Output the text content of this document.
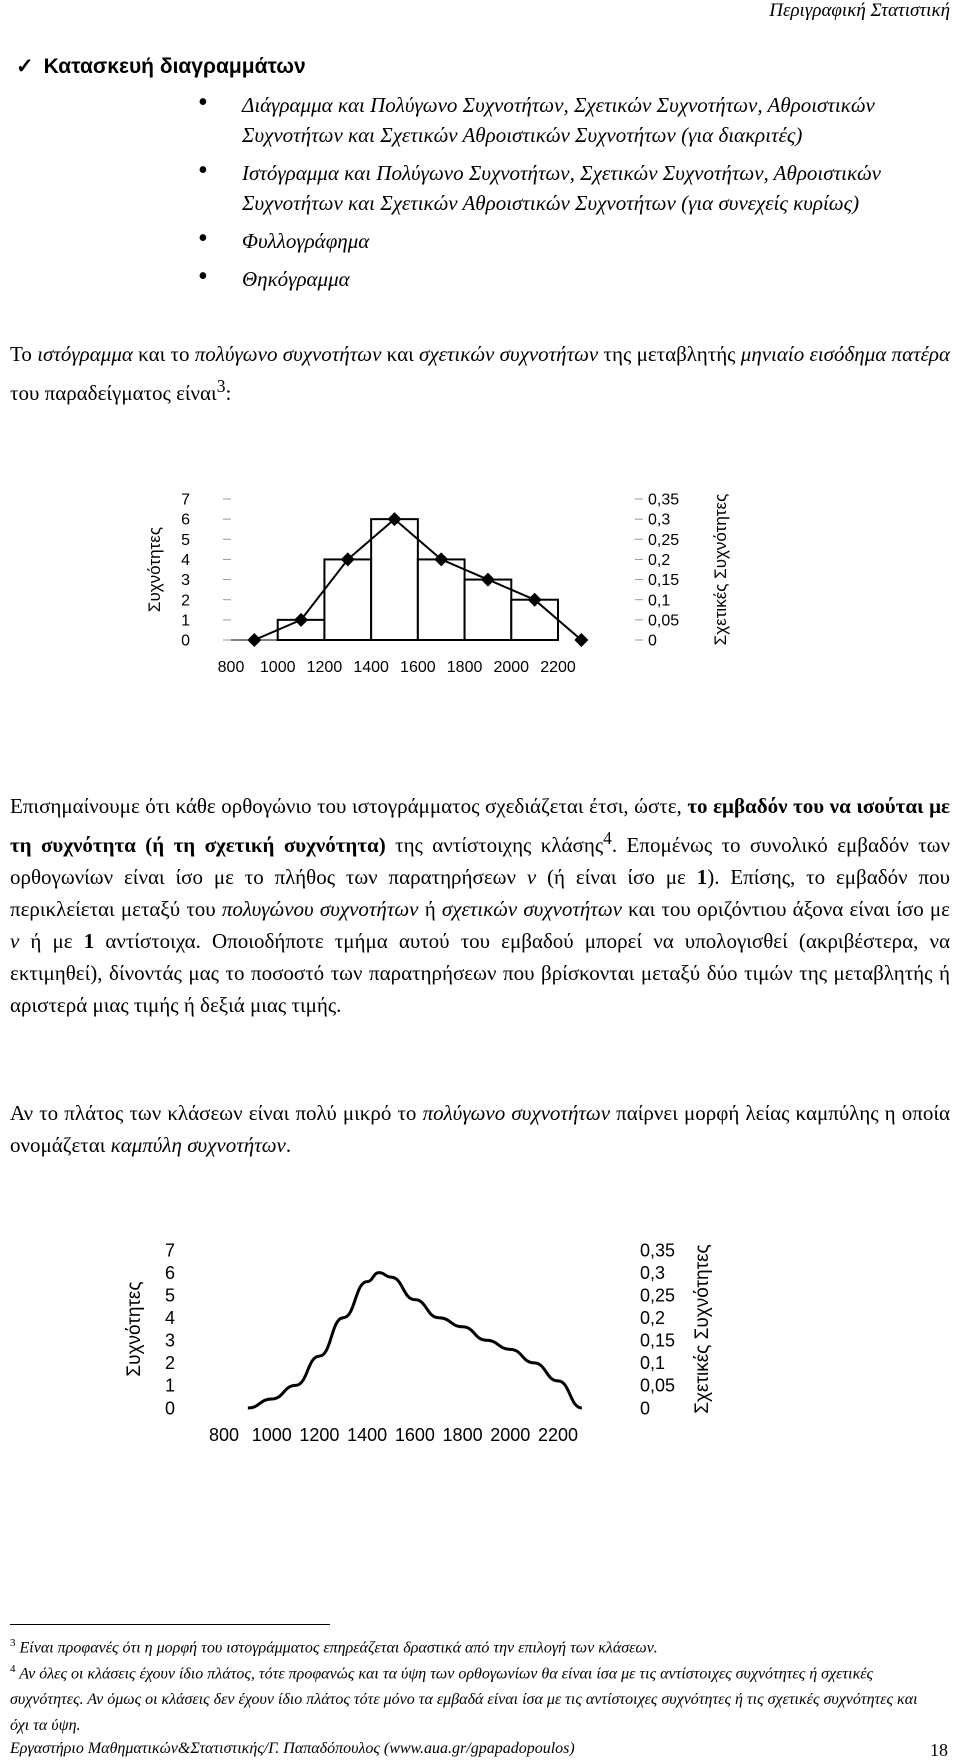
Περιγραφική Στατιστική
✓ Κατασκευή διαγραμμάτων
• Διάγραμμα και Πολύγωνο Συχνοτήτων, Σχετικών Συχνοτήτων, Αθροιστικών Συχνοτήτων και Σχετικών Αθροιστικών Συχνοτήτων (για διακριτές)
• Ιστόγραμμα και Πολύγωνο Συχνοτήτων, Σχετικών Συχνοτήτων, Αθροιστικών Συχνοτήτων και Σχετικών Αθροιστικών Συχνοτήτων (για συνεχείς κυρίως)
• Φυλλογράφημα
• Θηκόγραμμα
Το ιστόγραμμα και το πολύγωνο συχνοτήτων και σχετικών συχνοτήτων της μεταβλητής μηνιαίο εισόδημα πατέρα του παραδείγματος είναι$^3$:
0
1
2
3
4
5
6
7
0
0,05
0,1
0,15
0,2
0,25
0,3
0,35
800 1000 1200 1400 1600 1800 2000 2200
Συχνότητες	Σχετικές Συχνότητες
Επισημαίνουμε ότι κάθε ορθογώνιο του ιστογράμματος σχεδιάζεται έτσι, ώστε, το εμβαδόν του να ισούται με τη συχνότητα (ή τη σχετική συχνότητα) της αντίστοιχης κλάσης$^4$. Επομένως το συνολικό εμβαδόν των ορθογωνίων είναι ίσο με το πλήθος των παρατηρήσεων ν (ή είναι ίσο με 1). Επίσης, το εμβαδόν που περικλείεται μεταξύ του πολυγώνου συχνοτήτων ή σχετικών συχνοτήτων και του οριζόντιου άξονα είναι ίσο με ν ή με 1 αντίστοιχα. Οποιοδήποτε τμήμα αυτού του εμβαδού μπορεί να υπολογισθεί (ακριβέστερα, να εκτιμηθεί), δίνοντάς μας το ποσοστό των παρατηρήσεων που βρίσκονται μεταξύ δύο τιμών της μεταβλητής ή αριστερά μιας τιμής ή δεξιά μιας τιμής.
Αν το πλάτος των κλάσεων είναι πολύ μικρό το πολύγωνο συχνοτήτων παίρνει μορφή λείας καμπύλης η οποία ονομάζεται καμπύλη συχνοτήτων.
0
1
2
3
4
5
6
7
0
0,05
0,1
0,15
0,2
0,25
0,3
0,35
800 1000 1200 1400 1600 1800 2000 2200
Συχνότητες	Σχετικές Συχνότητες
$^3$ Είναι προφανές ότι η μορφή του ιστογράμματος επηρεάζεται δραστικά από την επιλογή των κλάσεων.
$^4$ Αν όλες οι κλάσεις έχουν ίδιο πλάτος, τότε προφανώς και τα ύψη των ορθογωνίων θα είναι ίσα με τις αντίστοιχες συχνότητες ή σχετικές συχνότητες. Αν όμως οι κλάσεις δεν έχουν ίδιο πλάτος τότε μόνο τα εμβαδά είναι ίσα με τις αντίστοιχες συχνότητες ή τις σχετικές συχνότητες και όχι τα ύψη.
Εργαστήριο Μαθηματικών&Στατιστικής/Γ. Παπαδόπουλος (www.aua.gr/gpapadopoulos)	18
